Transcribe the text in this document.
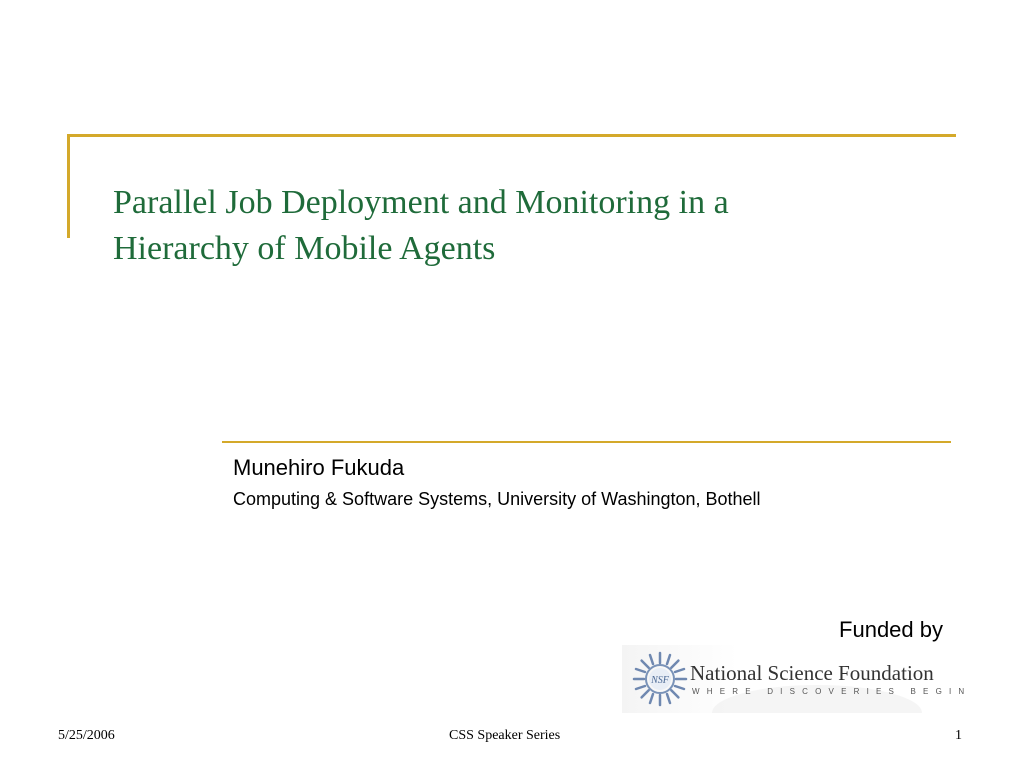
Parallel Job Deployment and Monitoring in a
Hierarchy of Mobile Agents
Munehiro Fukuda
Computing & Software Systems, University of Washington, Bothell
Funded by
NSF National Science Foundation
WHERE DISCOVERIES BEGIN
5/25/2006	CSS Speaker Series	1
